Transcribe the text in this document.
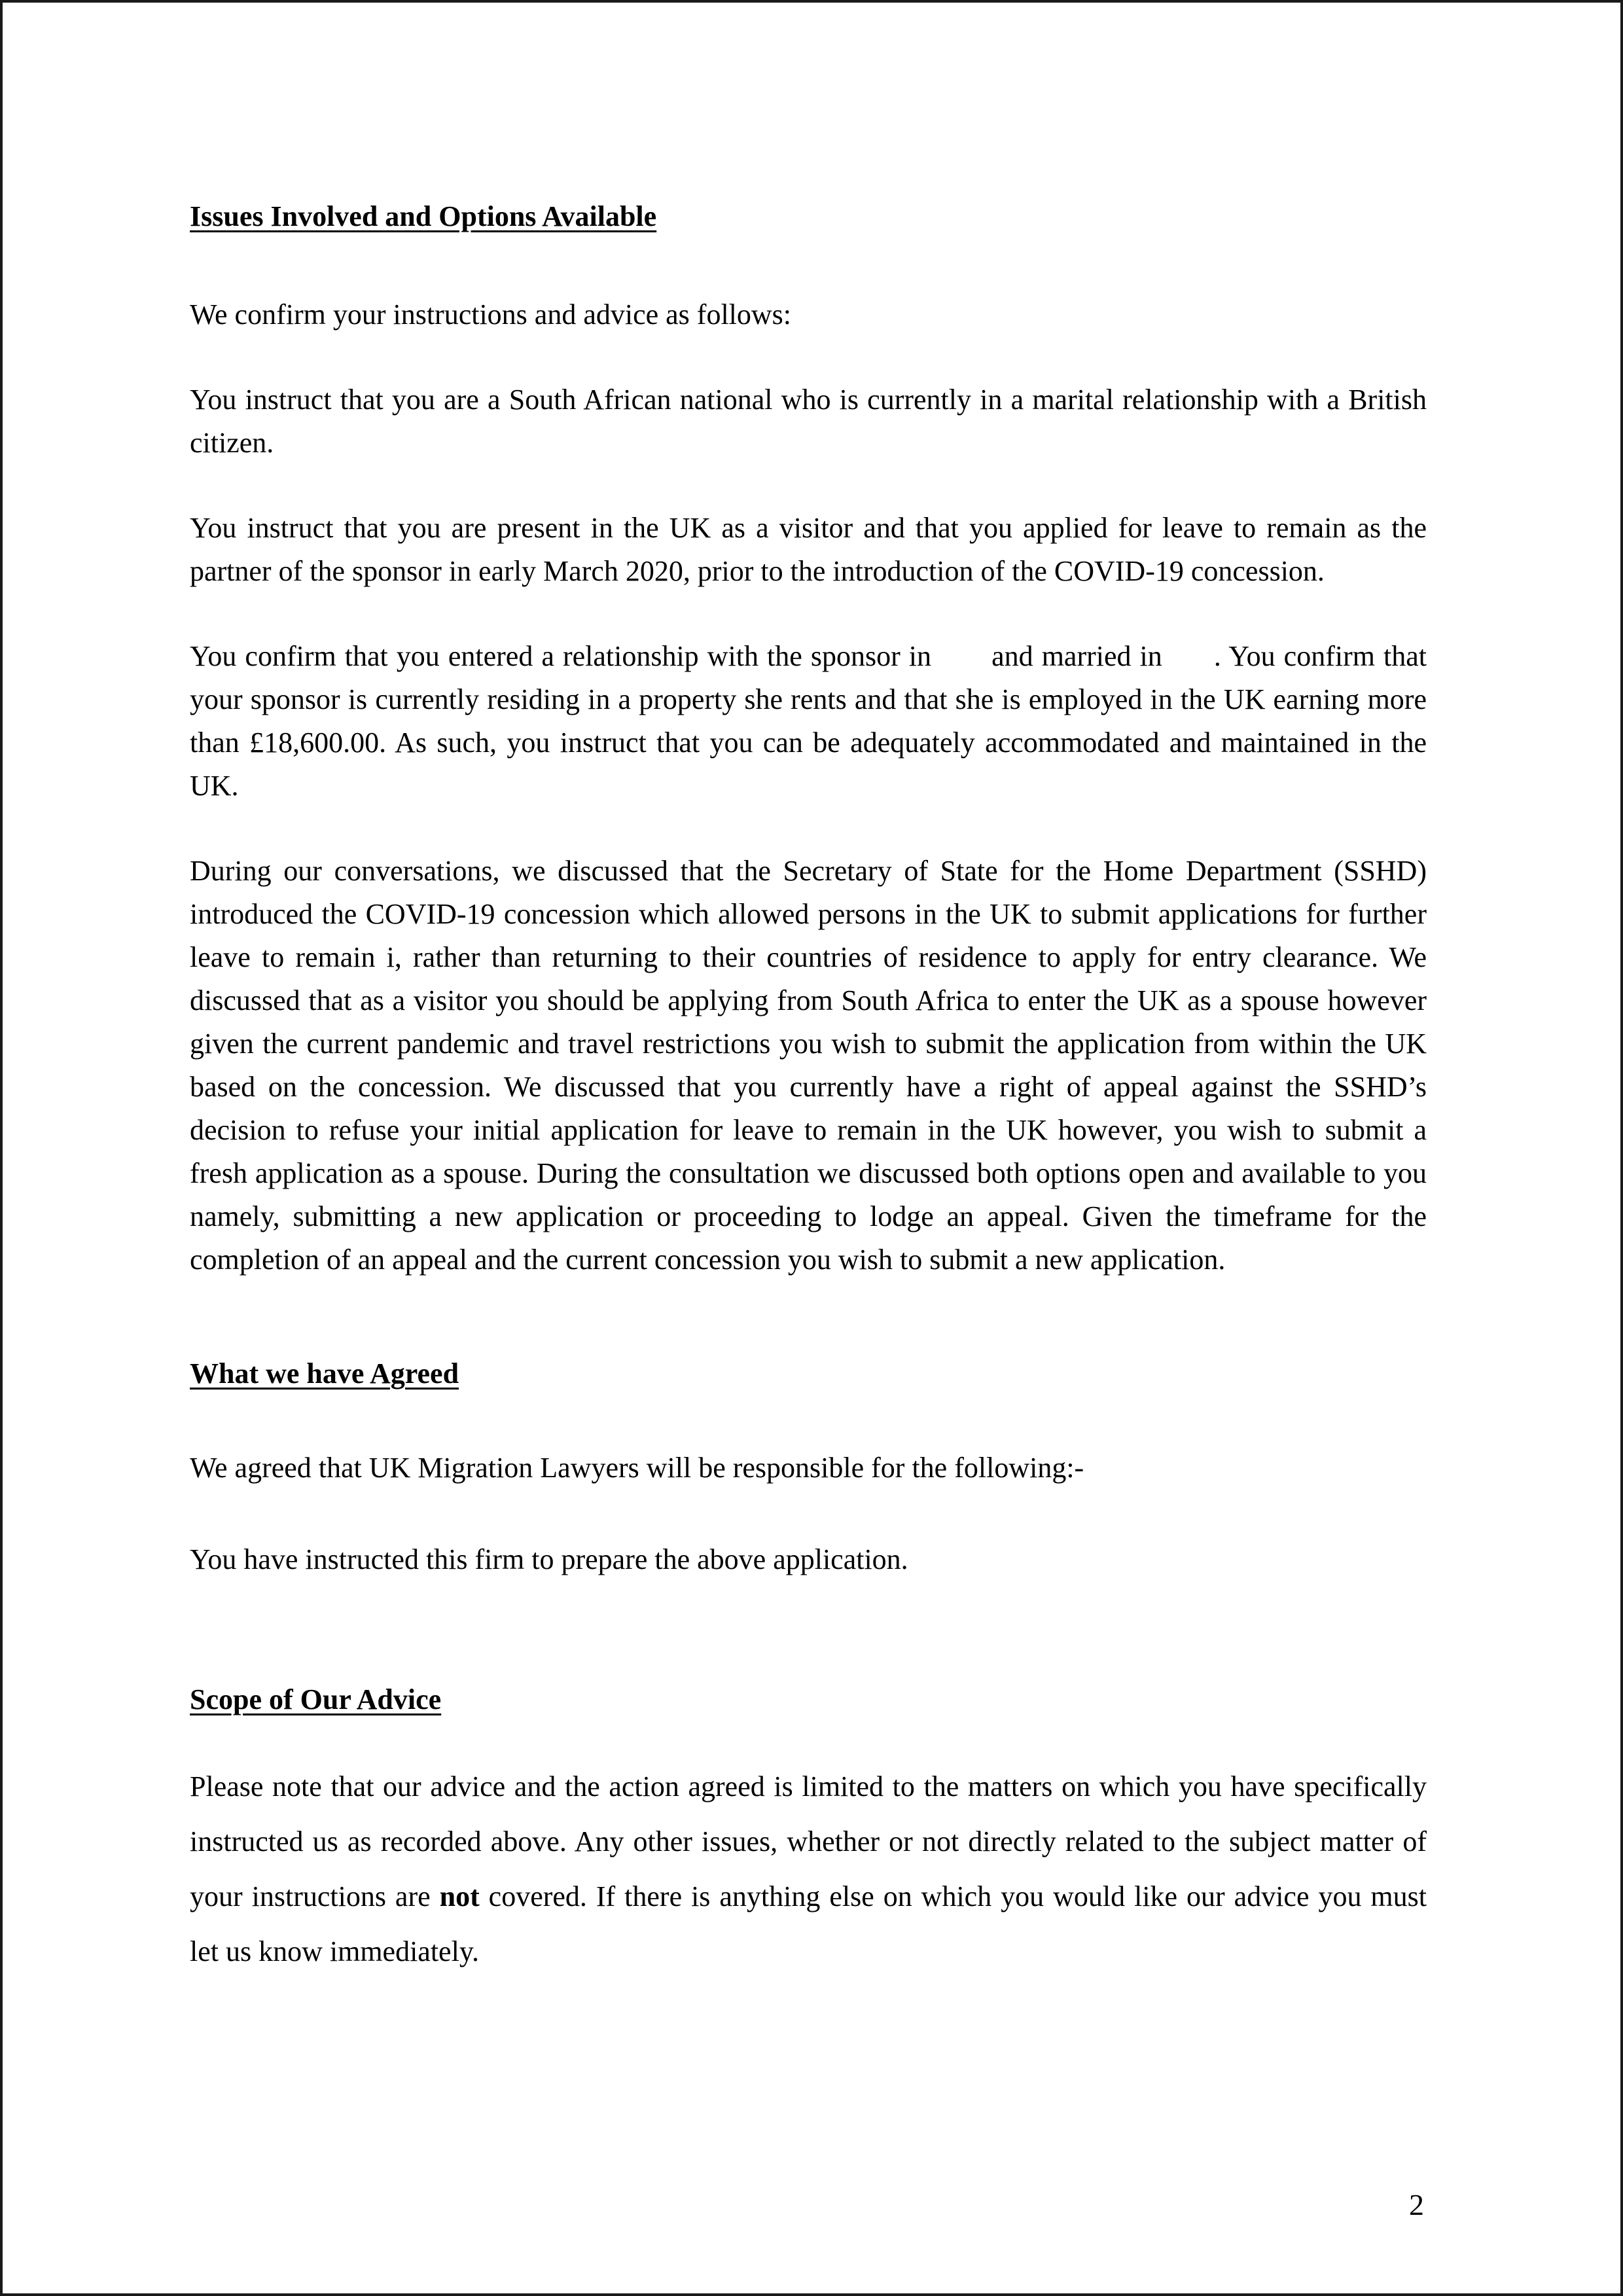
Issues Involved and Options Available

We confirm your instructions and advice as follows:

You instruct that you are a South African national who is currently in a marital relationship with a British citizen.

You instruct that you are present in the UK as a visitor and that you applied for leave to remain as the partner of the sponsor in early March 2020, prior to the introduction of the COVID-19 concession.

You confirm that you entered a relationship with the sponsor in    and married in   . You confirm that your sponsor is currently residing in a property she rents and that she is employed in the UK earning more than £18,600.00. As such, you instruct that you can be adequately accommodated and maintained in the UK.

During our conversations, we discussed that the Secretary of State for the Home Department (SSHD) introduced the COVID-19 concession which allowed persons in the UK to submit applications for further leave to remain i, rather than returning to their countries of residence to apply for entry clearance. We discussed that as a visitor you should be applying from South Africa to enter the UK as a spouse however given the current pandemic and travel restrictions you wish to submit the application from within the UK based on the concession. We discussed that you currently have a right of appeal against the SSHD’s decision to refuse your initial application for leave to remain in the UK however, you wish to submit a fresh application as a spouse. During the consultation we discussed both options open and available to you namely, submitting a new application or proceeding to lodge an appeal. Given the timeframe for the completion of an appeal and the current concession you wish to submit a new application.

What we have Agreed

We agreed that UK Migration Lawyers will be responsible for the following:-

You have instructed this firm to prepare the above application.

Scope of Our Advice

Please note that our advice and the action agreed is limited to the matters on which you have specifically instructed us as recorded above. Any other issues, whether or not directly related to the subject matter of your instructions are not covered. If there is anything else on which you would like our advice you must let us know immediately.

2
